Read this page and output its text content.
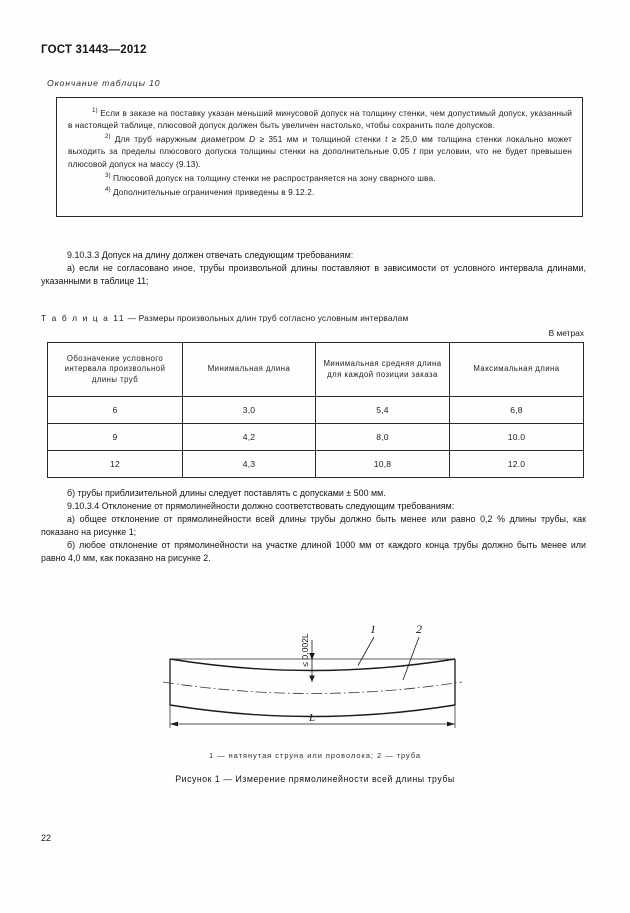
ГОСТ 31443—2012
Окончание таблицы 10

$^{1)}$ Если в заказе на поставку указан меньший минусовой допуск на толщину стенки, чем допустимый допуск, указанный в настоящей таблице, плюсовой допуск должен быть увеличен настолько, чтобы сохранить поле допусков.

$^{2)}$ Для труб наружным диаметром D ≥ 351 мм и толщиной стенки t ≥ 25,0 мм толщина стенки локально может выходить за пределы плюсового допуска толщины стенки на дополнительные 0,05 t при условии, что не будет превышен плюсовой допуск на массу (9.13).

$^{3)}$ Плюсовой допуск на толщину стенки не распространяется на зону сварного шва.

$^{4)}$ Дополнительные ограничения приведены в 9.12.2.

9.10.3.3 Допуск на длину должен отвечать следующим требованиям:

а) если не согласовано иное, трубы произвольной длины поставляют в зависимости от условного интервала длинами, указанными в таблице 11;

Т а б л и ц а 11 — Размеры произвольных длин труб согласно условным интервалам
В метрах
Обозначение условного интервала произвольной длины труб	Минимальная длина	Минимальная средняя длина для каждой позиции заказа	Максимальная длина
6	3,0	5,4	6,8
9	4,2	8,0	10.0
12	4,3	10,8	12.0

б) трубы приблизительной длины следует поставлять с допусками ± 500 мм.

9.10.3.4 Отклонение от прямолинейности должно соответствовать следующим требованиям:

а) общее отклонение от прямолинейности всей длины трубы должно быть менее или равно 0,2 % длины трубы, как показано на рисунке 1;

б) любое отклонение от прямолинейности на участке длиной 1000 мм от каждого конца трубы должно быть менее или равно 4,0 мм, как показано на рисунке 2.

≤ 0,002L
1	2
L
1 — натянутая струна или проволока; 2 — труба
Рисунок 1 — Измерение прямолинейности всей длины трубы
22
